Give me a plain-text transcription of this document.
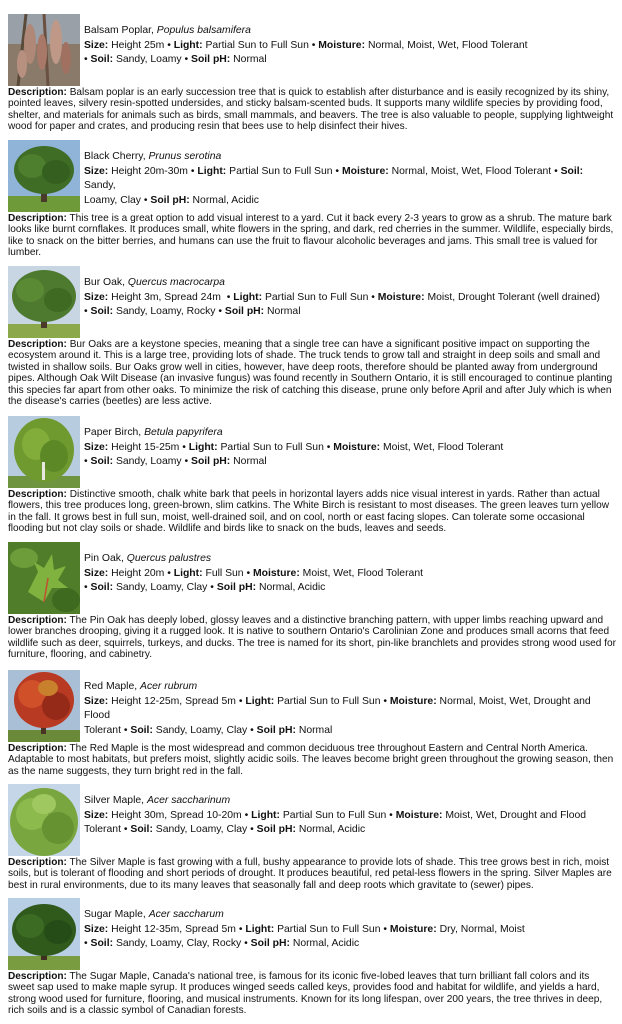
Balsam Poplar, Populus balsamifera
Size: Height 25m • Light: Partial Sun to Full Sun • Moisture: Normal, Moist, Wet, Flood Tolerant
• Soil: Sandy, Loamy • Soil pH: Normal
Description: Balsam poplar is an early succession tree that is quick to establish after disturbance and is easily recognized by its shiny, pointed leaves, silvery resin-spotted undersides, and sticky balsam-scented buds. It supports many wildlife species by providing food, shelter, and materials for animals such as birds, small mammals, and beavers. The tree is also valuable to people, supplying lightweight wood for paper and crates, and producing resin that bees use to help disinfect their hives.
Black Cherry, Prunus serotina
Size: Height 20m-30m • Light: Partial Sun to Full Sun • Moisture: Normal, Moist, Wet, Flood Tolerant • Soil: Sandy,
Loamy, Clay • Soil pH: Normal, Acidic
Description: This tree is a great option to add visual interest to a yard. Cut it back every 2-3 years to grow as a shrub. The mature bark looks like burnt cornflakes. It produces small, white flowers in the spring, and dark, red cherries in the summer. Wildlife, especially birds, like to snack on the bitter berries, and humans can use the fruit to flavour alcoholic beverages and jams. This small tree is valued for lumber.
Bur Oak, Quercus macrocarpa
Size: Height 3m, Spread 24m • Light: Partial Sun to Full Sun • Moisture: Moist, Drought Tolerant (well drained)
• Soil: Sandy, Loamy, Rocky • Soil pH: Normal
Description: Bur Oaks are a keystone species, meaning that a single tree can have a significant positive impact on supporting the ecosystem around it. This is a large tree, providing lots of shade. The truck tends to grow tall and straight in deep soils and small and twisted in shallow soils. Bur Oaks grow well in cities, however, have deep roots, therefore should be planted away from underground pipes. Although Oak Wilt Disease (an invasive fungus) was found recently in Southern Ontario, it is still encouraged to continue planting this species far apart from other oaks. To minimize the risk of catching this disease, prune only before April and after July which is when the disease's carries (beetles) are less active.
Paper Birch, Betula papyrifera
Size: Height 15-25m • Light: Partial Sun to Full Sun • Moisture: Moist, Wet, Flood Tolerant
• Soil: Sandy, Loamy • Soil pH: Normal
Description: Distinctive smooth, chalk white bark that peels in horizontal layers adds nice visual interest in yards. Rather than actual flowers, this tree produces long, green-brown, slim catkins. The White Birch is resistant to most diseases. The green leaves turn yellow in the fall. It grows best in full sun, moist, well-drained soil, and on cool, north or east facing slopes. Can tolerate some occasional flooding but not clay soils or shade. Wildlife and birds like to snack on the buds, leaves and seeds.
Pin Oak, Quercus palustres
Size: Height 20m • Light: Full Sun • Moisture: Moist, Wet, Flood Tolerant
• Soil: Sandy, Loamy, Clay • Soil pH: Normal, Acidic
Description: The Pin Oak has deeply lobed, glossy leaves and a distinctive branching pattern, with upper limbs reaching upward and lower branches drooping, giving it a rugged look. It is native to southern Ontario's Carolinian Zone and produces small acorns that feed wildlife such as deer, squirrels, turkeys, and ducks. The tree is named for its short, pin-like branchlets and provides strong wood used for furniture, flooring, and cabinetry.
Red Maple, Acer rubrum
Size: Height 12-25m, Spread 5m • Light: Partial Sun to Full Sun • Moisture: Normal, Moist, Wet, Drought and Flood
Tolerant • Soil: Sandy, Loamy, Clay • Soil pH: Normal
Description: The Red Maple is the most widespread and common deciduous tree throughout Eastern and Central North America. Adaptable to most habitats, but prefers moist, slightly acidic soils. The leaves become bright green throughout the growing season, then as the name suggests, they turn bright red in the fall.
Silver Maple, Acer saccharinum
Size: Height 30m, Spread 10-20m • Light: Partial Sun to Full Sun • Moisture: Moist, Wet, Drought and Flood
Tolerant • Soil: Sandy, Loamy, Clay • Soil pH: Normal, Acidic
Description: The Silver Maple is fast growing with a full, bushy appearance to provide lots of shade. This tree grows best in rich, moist soils, but is tolerant of flooding and short periods of drought. It produces beautiful, red petal-less flowers in the spring. Silver Maples are best in rural environments, due to its many leaves that seasonally fall and deep roots which gravitate to (sewer) pipes.
Sugar Maple, Acer saccharum
Size: Height 12-35m, Spread 5m • Light: Partial Sun to Full Sun • Moisture: Dry, Normal, Moist
• Soil: Sandy, Loamy, Clay, Rocky • Soil pH: Normal, Acidic
Description: The Sugar Maple, Canada's national tree, is famous for its iconic five-lobed leaves that turn brilliant fall colors and its sweet sap used to make maple syrup. It produces winged seeds called keys, provides food and habitat for wildlife, and yields a hard, strong wood used for furniture, flooring, and musical instruments. Known for its long lifespan, over 200 years, the tree thrives in deep, rich soils and is a classic symbol of Canadian forests.
